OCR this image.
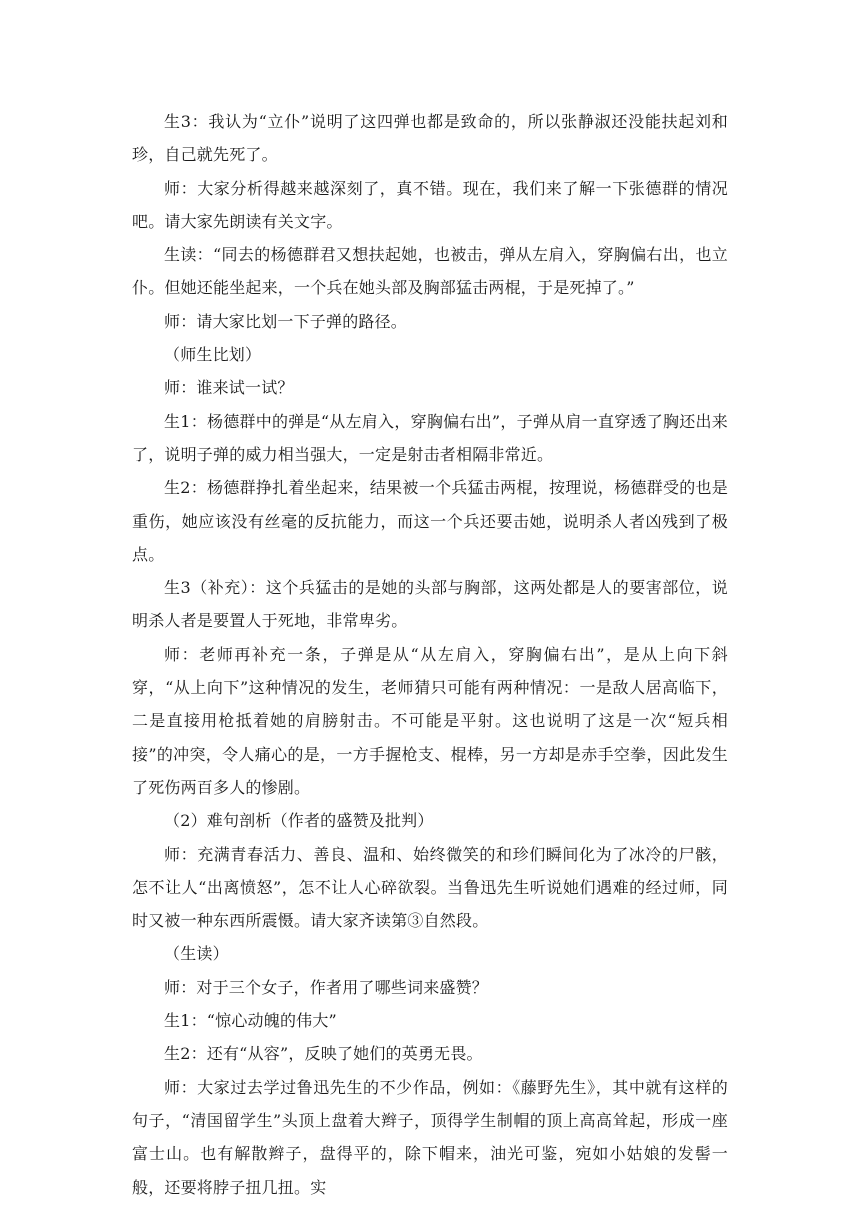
生3：我认为“立仆”说明了这四弹也都是致命的，所以张静淑还没能扶起刘和珍，自己就先死了。

师：大家分析得越来越深刻了，真不错。现在，我们来了解一下张德群的情况吧。请大家先朗读有关文字。

生读：“同去的杨德群君又想扶起她，也被击，弹从左肩入，穿胸偏右出，也立仆。但她还能坐起来，一个兵在她头部及胸部猛击两棍，于是死掉了。”

师：请大家比划一下子弹的路径。

（师生比划）

师：谁来试一试？

生1：杨德群中的弹是“从左肩入，穿胸偏右出”，子弹从肩一直穿透了胸还出来了，说明子弹的威力相当强大，一定是射击者相隔非常近。

生2：杨德群挣扎着坐起来，结果被一个兵猛击两棍，按理说，杨德群受的也是重伤，她应该没有丝毫的反抗能力，而这一个兵还要击她，说明杀人者凶残到了极点。

生3（补充）：这个兵猛击的是她的头部与胸部，这两处都是人的要害部位，说明杀人者是要置人于死地，非常卑劣。

师：老师再补充一条，子弹是从“从左肩入，穿胸偏右出”，是从上向下斜穿，“从上向下”这种情况的发生，老师猜只可能有两种情况：一是敌人居高临下，二是直接用枪抵着她的肩膀射击。不可能是平射。这也说明了这是一次“短兵相接”的冲突，令人痛心的是，一方手握枪支、棍棒，另一方却是赤手空拳，因此发生了死伤两百多人的惨剧。

（2）难句剖析（作者的盛赞及批判）

师：充满青春活力、善良、温和、始终微笑的和珍们瞬间化为了冰冷的尸骸，怎不让人“出离愤怒”，怎不让人心碎欲裂。当鲁迅先生听说她们遇难的经过师，同时又被一种东西所震慑。请大家齐读第③自然段。

（生读）

师：对于三个女子，作者用了哪些词来盛赞？

生1：“惊心动魄的伟大”

生2：还有“从容”，反映了她们的英勇无畏。

师：大家过去学过鲁迅先生的不少作品，例如：《藤野先生》，其中就有这样的句子，“清国留学生”头顶上盘着大辫子，顶得学生制帽的顶上高高耸起，形成一座富士山。也有解散辫子，盘得平的，除下帽来，油光可鉴，宛如小姑娘的发髻一般，还要将脖子扭几扭。实
